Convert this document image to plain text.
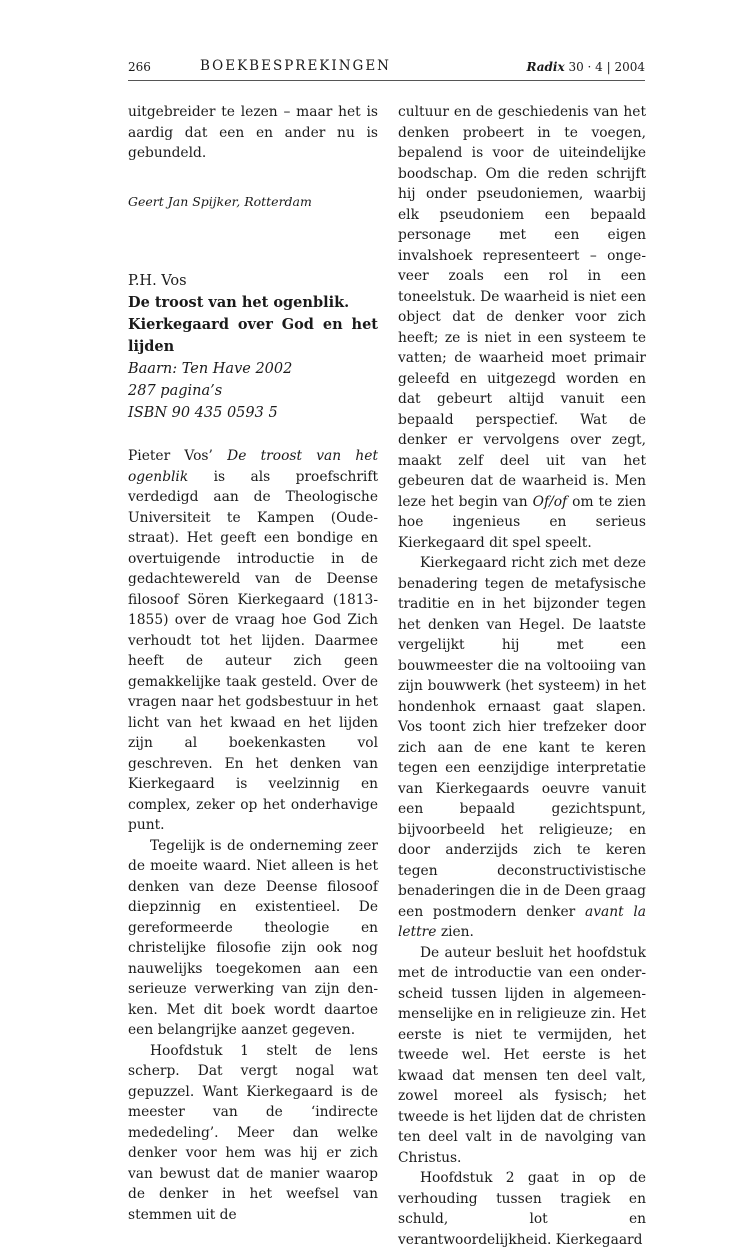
266	BOEKBESPREKINGEN	Radix 30 · 4 | 2004

uitgebreider te lezen – maar het is aardig dat een en ander nu is gebundeld.

Geert Jan Spijker, Rotterdam
P.H. Vos
De troost van het ogenblik.
Kierkegaard over God en het lijden
Baarn: Ten Have 2002
287 pagina’s
ISBN 90 435 0593 5

Pieter Vos’ De troost van het ogenblik is als proefschrift verdedigd aan de Theologische Universiteit te Kampen (Oudestraat). Het geeft een bondige en overtuigende introductie in de gedachtewereld van de Deense filosoof Sören Kierkegaard (1813-1855) over de vraag hoe God Zich verhoudt tot het lijden. Daarmee heeft de auteur zich geen gemakkelijke taak gesteld. Over de vragen naar het godsbestuur in het licht van het kwaad en het lijden zijn al boekenkasten vol geschreven. En het denken van Kierkegaard is veelzinnig en complex, zeker op het onderhavige punt.

Tegelijk is de onderneming zeer de moeite waard. Niet alleen is het denken van deze Deense filosoof diepzinnig en existentieel. De gereformeerde theologie en christelijke filosofie zijn ook nog nauwelijks toegekomen aan een serieuze verwerking van zijn denken. Met dit boek wordt daartoe een belangrijke aanzet gegeven.

Hoofdstuk 1 stelt de lens scherp. Dat vergt nogal wat gepuzzel. Want Kierkegaard is de meester van de ‘indirecte mededeling’. Meer dan welke denker voor hem was hij er zich van bewust dat de manier waarop de denker in het weefsel van stemmen uit de

cultuur en de geschiedenis van het denken probeert in te voegen, bepalend is voor de uiteindelijke boodschap. Om die reden schrijft hij onder pseudoniemen, waarbij elk pseudoniem een bepaald personage met een eigen invalshoek representeert – ongeveer zoals een rol in een toneelstuk. De waarheid is niet een object dat de denker voor zich heeft; ze is niet in een systeem te vatten; de waarheid moet primair geleefd en uitgezegd worden en dat gebeurt altijd vanuit een bepaald perspectief. Wat de denker er vervolgens over zegt, maakt zelf deel uit van het gebeuren dat de waarheid is. Men leze het begin van Of/of om te zien hoe ingenieus en serieus Kierkegaard dit spel speelt.

Kierkegaard richt zich met deze benadering tegen de metafysische traditie en in het bijzonder tegen het denken van Hegel. De laatste vergelijkt hij met een bouwmeester die na voltooiing van zijn bouwwerk (het systeem) in het hondenhok ernaast gaat slapen. Vos toont zich hier trefzeker door zich aan de ene kant te keren tegen een eenzijdige interpretatie van Kierkegaards oeuvre vanuit een bepaald gezichtspunt, bijvoorbeeld het religieuze; en door anderzijds zich te keren tegen deconstructivistische benaderingen die in de Deen graag een postmodern denker avant la lettre zien.

De auteur besluit het hoofdstuk met de introductie van een onderscheid tussen lijden in algemeen-menselijke en in religieuze zin. Het eerste is niet te vermijden, het tweede wel. Het eerste is het kwaad dat mensen ten deel valt, zowel moreel als fysisch; het tweede is het lijden dat de christen ten deel valt in de navolging van Christus.

Hoofdstuk 2 gaat in op de verhouding tussen tragiek en schuld, lot en verantwoordelijkheid. Kierkegaard
